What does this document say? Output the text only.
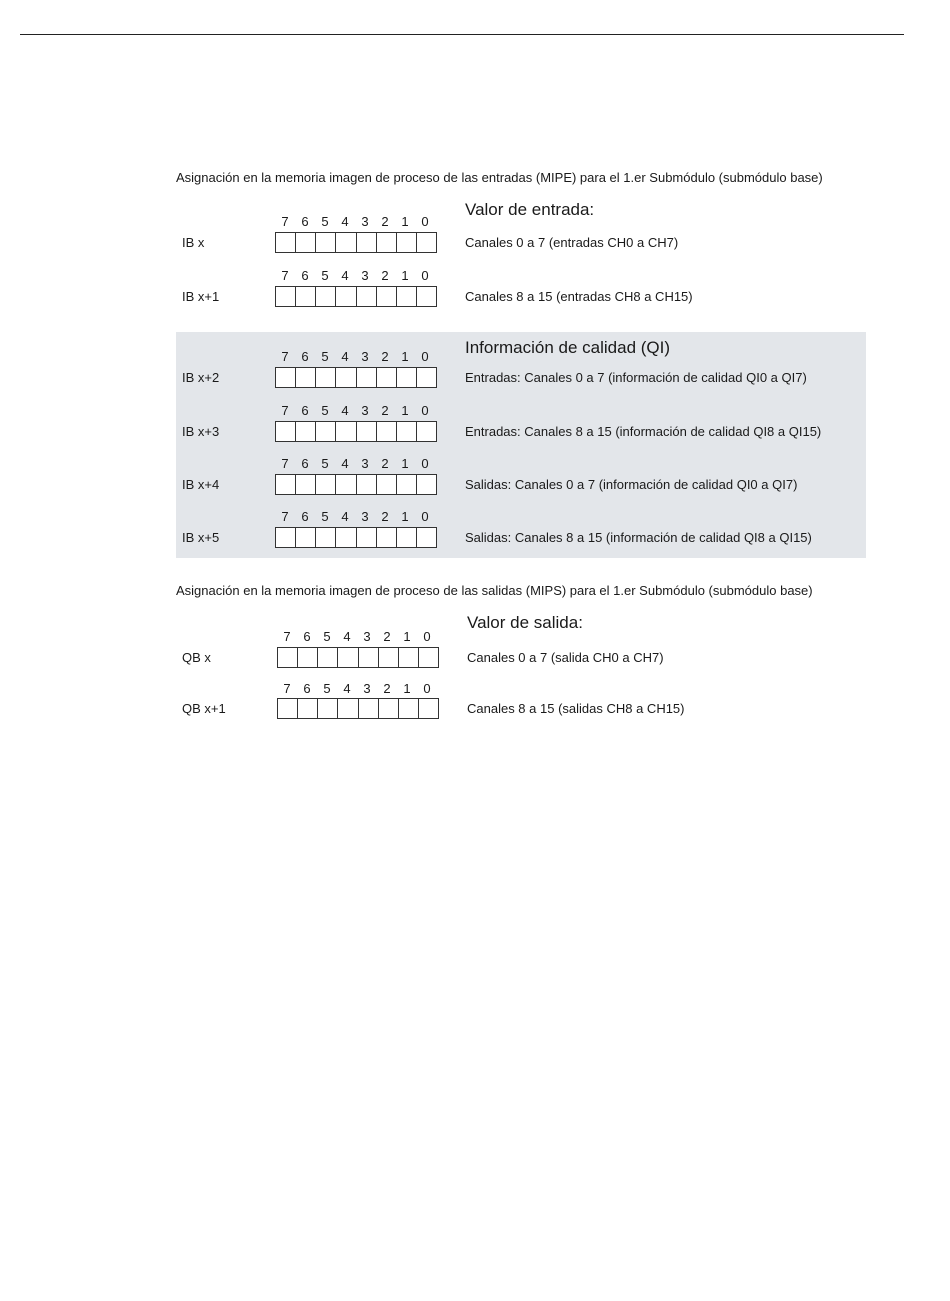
Asignación en la memoria imagen de proceso de las entradas (MIPE) para el 1.er Submódulo (submódulo base)
Valor de entrada:
IB x
7 6 5 4 3 2 1 0
Canales 0 a 7 (entradas CH0 a CH7)
IB x+1
7 6 5 4 3 2 1 0
Canales 8 a 15 (entradas CH8 a CH15)
Información de calidad (QI)
IB x+2
7 6 5 4 3 2 1 0
Entradas: Canales 0 a 7 (información de calidad QI0 a QI7)
IB x+3
7 6 5 4 3 2 1 0
Entradas: Canales 8 a 15 (información de calidad QI8 a QI15)
IB x+4
7 6 5 4 3 2 1 0
Salidas: Canales 0 a 7 (información de calidad QI0 a QI7)
IB x+5
7 6 5 4 3 2 1 0
Salidas: Canales 8 a 15 (información de calidad QI8 a QI15)
Asignación en la memoria imagen de proceso de las salidas (MIPS) para el 1.er Submódulo (submódulo base)
Valor de salida:
QB x
7 6 5 4 3 2 1 0
Canales 0 a 7 (salida CH0 a CH7)
QB x+1
7 6 5 4 3 2 1 0
Canales 8 a 15 (salidas CH8 a CH15)
